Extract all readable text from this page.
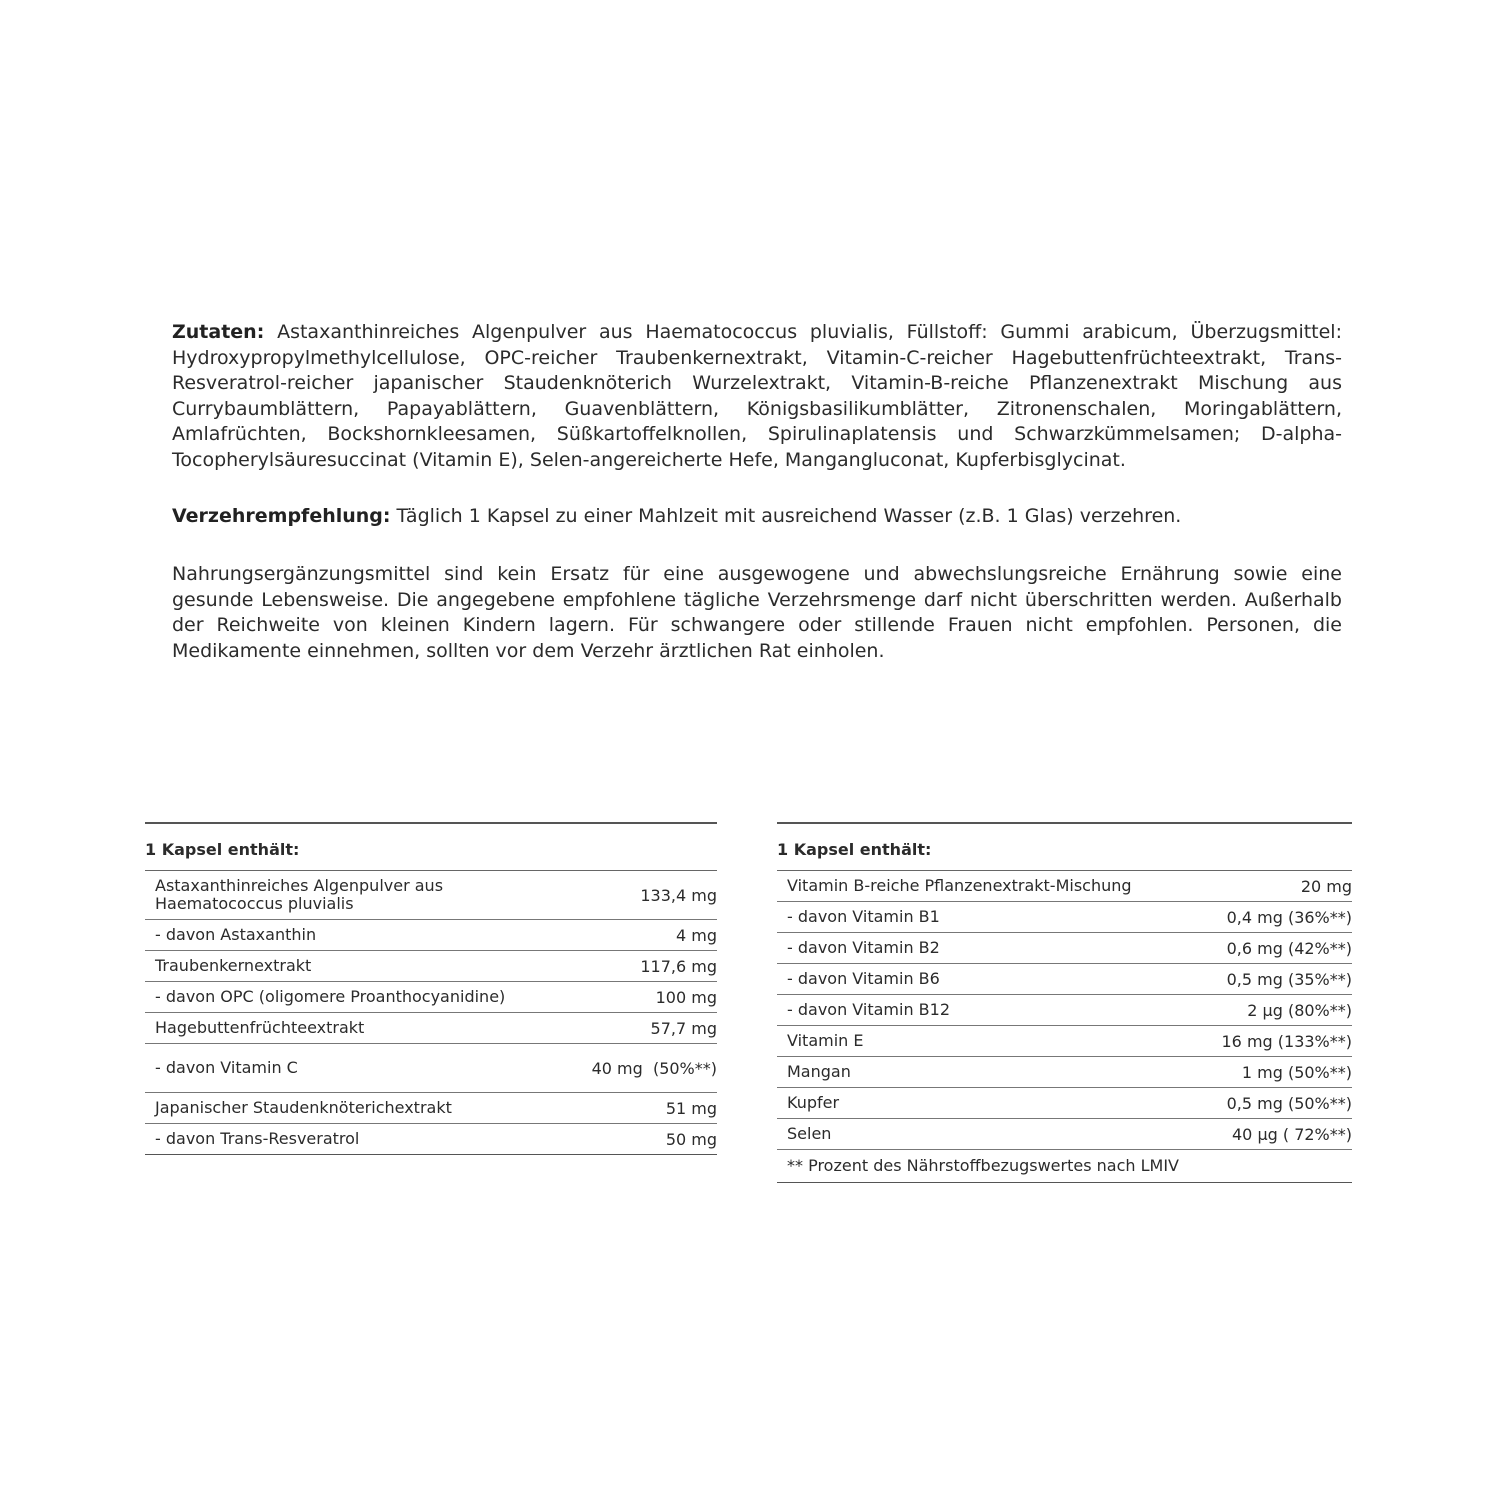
Zutaten: Astaxanthinreiches Algenpulver aus Haematococcus pluvialis, Füllstoff: Gummi arabicum, Überzugsmittel: Hydroxypropylmethylcellulose, OPC-reicher Traubenkernextrakt, Vitamin-C-reicher Hagebuttenfrüchteextrakt, Trans-Resveratrol-reicher japanischer Staudenknöterich Wurzelextrakt, Vitamin-B-reiche Pflanzenextrakt Mischung aus Currybaumblättern, Papayablättern, Guavenblättern, Königsbasilikumblätter, Zitronenschalen, Moringablättern, Amlafrüchten, Bockshornkleesamen, Süßkartoffelknollen, Spirulinaplatensis und Schwarzkümmelsamen; D-alpha-Tocopherylsäuresuccinat (Vitamin E), Selen-angereicherte Hefe, Mangangluconat, Kupferbisglycinat.
Verzehrempfehlung: Täglich 1 Kapsel zu einer Mahlzeit mit ausreichend Wasser (z.B. 1 Glas) verzehren.
Nahrungsergänzungsmittel sind kein Ersatz für eine ausgewogene und abwechslungsreiche Ernährung sowie eine gesunde Lebensweise. Die angegebene empfohlene tägliche Verzehrsmenge darf nicht überschritten werden. Außerhalb der Reichweite von kleinen Kindern lagern. Für schwangere oder stillende Frauen nicht empfohlen. Personen, die Medikamente einnehmen, sollten vor dem Verzehr ärztlichen Rat einholen.
1 Kapsel enthält:
Astaxanthinreiches Algenpulver aus Haematococcus pluvialis	133,4 mg
- davon Astaxanthin	4 mg
Traubenkernextrakt	117,6 mg
- davon OPC (oligomere Proanthocyanidine)	100 mg
Hagebuttenfrüchteextrakt	57,7 mg
- davon Vitamin C	40 mg  (50%**)
Japanischer Staudenknöterichextrakt	51 mg
- davon Trans-Resveratrol	50 mg
1 Kapsel enthält:
Vitamin B-reiche Pflanzenextrakt-Mischung	20 mg
- davon Vitamin B1	0,4 mg (36%**)
- davon Vitamin B2	0,6 mg (42%**)
- davon Vitamin B6	0,5 mg (35%**)
- davon Vitamin B12	2 µg (80%**)
Vitamin E	16 mg (133%**)
Mangan	1 mg (50%**)
Kupfer	0,5 mg (50%**)
Selen	40 µg ( 72%**)
** Prozent des Nährstoffbezugswertes nach LMIV
